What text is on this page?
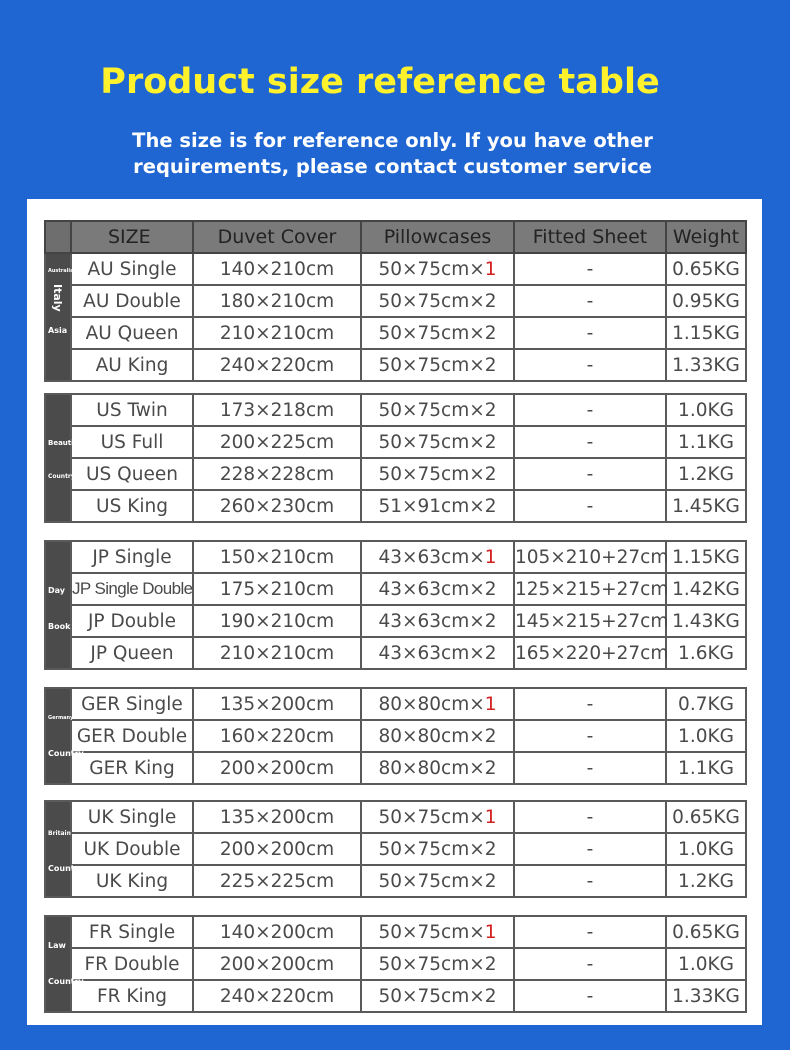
Product size reference table
The size is for reference only. If you have other
requirements, please contact customer service
	SIZE	Duvet Cover	Pillowcases	Fitted Sheet	Weight

Australia
Italy
Asia	AU Single	140×210cm	50×75cm×1	-	0.65KG
	AU Double	180×210cm	50×75cm×2	-	0.95KG
	AU Queen	210×210cm	50×75cm×2	-	1.15KG
	AU King	240×220cm	50×75cm×2	-	1.33KG
Beauti
Country	US Twin	173×218cm	50×75cm×2	-	1.0KG
	US Full	200×225cm	50×75cm×2	-	1.1KG
	US Queen	228×228cm	50×75cm×2	-	1.2KG
	US King	260×230cm	51×91cm×2	-	1.45KG
Day
Book	JP Single	150×210cm	43×63cm×1	105×210+27cm	1.15KG
	JP Single Double	175×210cm	43×63cm×2	125×215+27cm	1.42KG
	JP Double	190×210cm	43×63cm×2	145×215+27cm	1.43KG
	JP Queen	210×210cm	43×63cm×2	165×220+27cm	1.6KG
Germany
Country	GER Single	135×200cm	80×80cm×1	-	0.7KG
	GER Double	160×220cm	80×80cm×2	-	1.0KG
	GER King	200×200cm	80×80cm×2	-	1.1KG
Britain
Country	UK Single	135×200cm	50×75cm×1	-	0.65KG
	UK Double	200×200cm	50×75cm×2	-	1.0KG
	UK King	225×225cm	50×75cm×2	-	1.2KG
Law
Country	FR Single	140×200cm	50×75cm×1	-	0.65KG
	FR Double	200×200cm	50×75cm×2	-	1.0KG
	FR King	240×220cm	50×75cm×2	-	1.33KG
